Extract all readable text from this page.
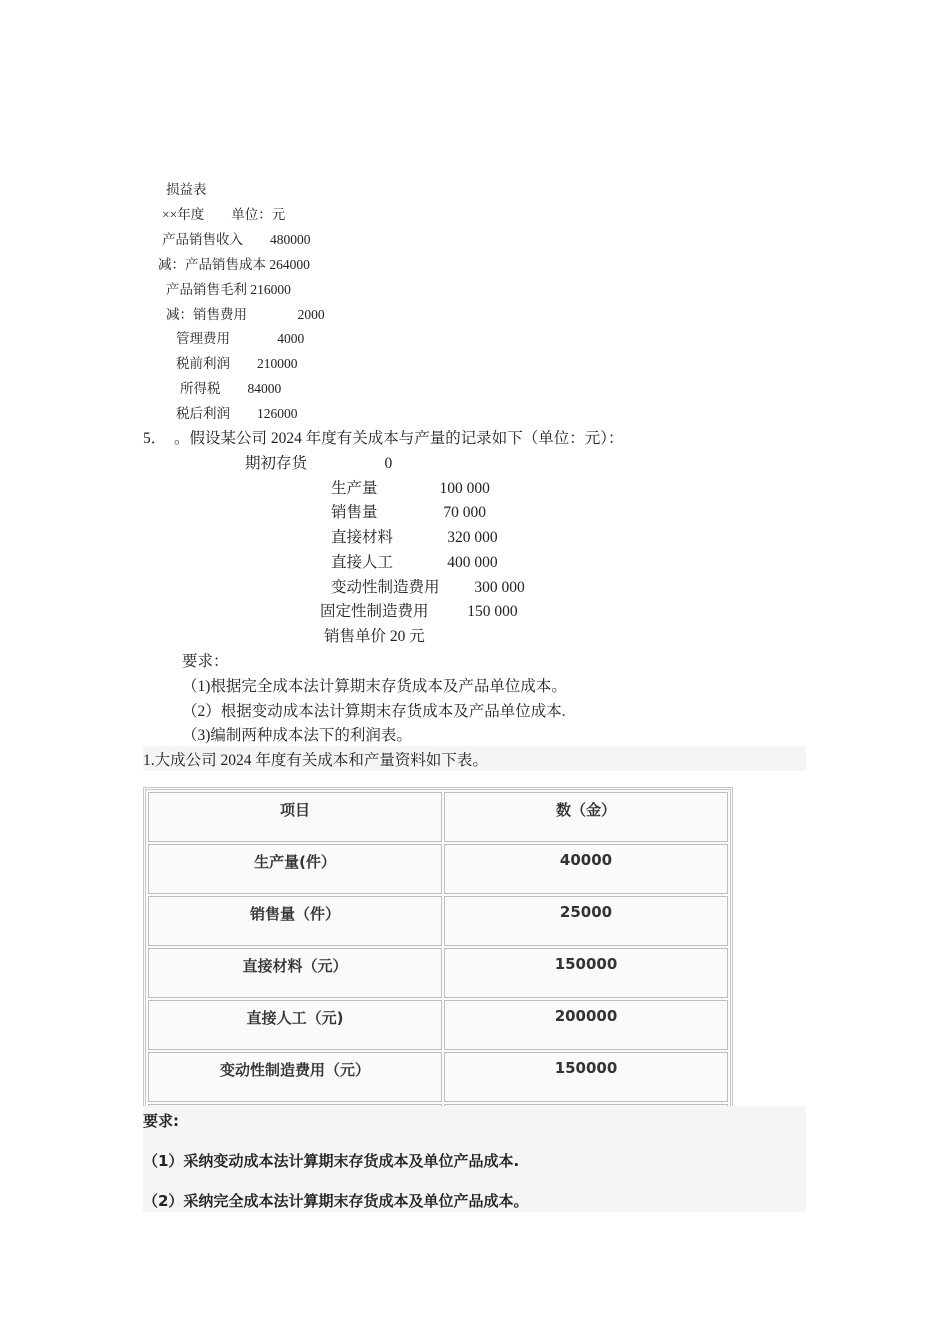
损益表
××年度        单位：元
产品销售收入        480000
减：产品销售成本 264000
产品销售毛利 216000
减：销售费用               2000
管理费用              4000
税前利润        210000
所得税        84000
税后利润        126000
5．  。假设某公司 2024 年度有关成本与产量的记录如下（单位：元）：
期初存货                    0
生产量                100 000
销售量                 70 000
直接材料              320 000
直接人工              400 000
变动性制造费用         300 000
固定性制造费用          150 000
销售单价 20 元
要求：
（1)根据完全成本法计算期末存货成本及产品单位成本。
（2）根据变动成本法计算期末存货成本及产品单位成本.
（3)编制两种成本法下的利润表。
1.大成公司 2024 年度有关成本和产量资料如下表。
项目	数（金）
生产量(件）	40000
销售量（件）	25000
直接材料（元）	150000
直接人工（元)	200000
变动性制造费用（元）	150000

要求:
（1）采纳变动成本法计算期末存货成本及单位产品成本.
（2）采纳完全成本法计算期末存货成本及单位产品成本。
